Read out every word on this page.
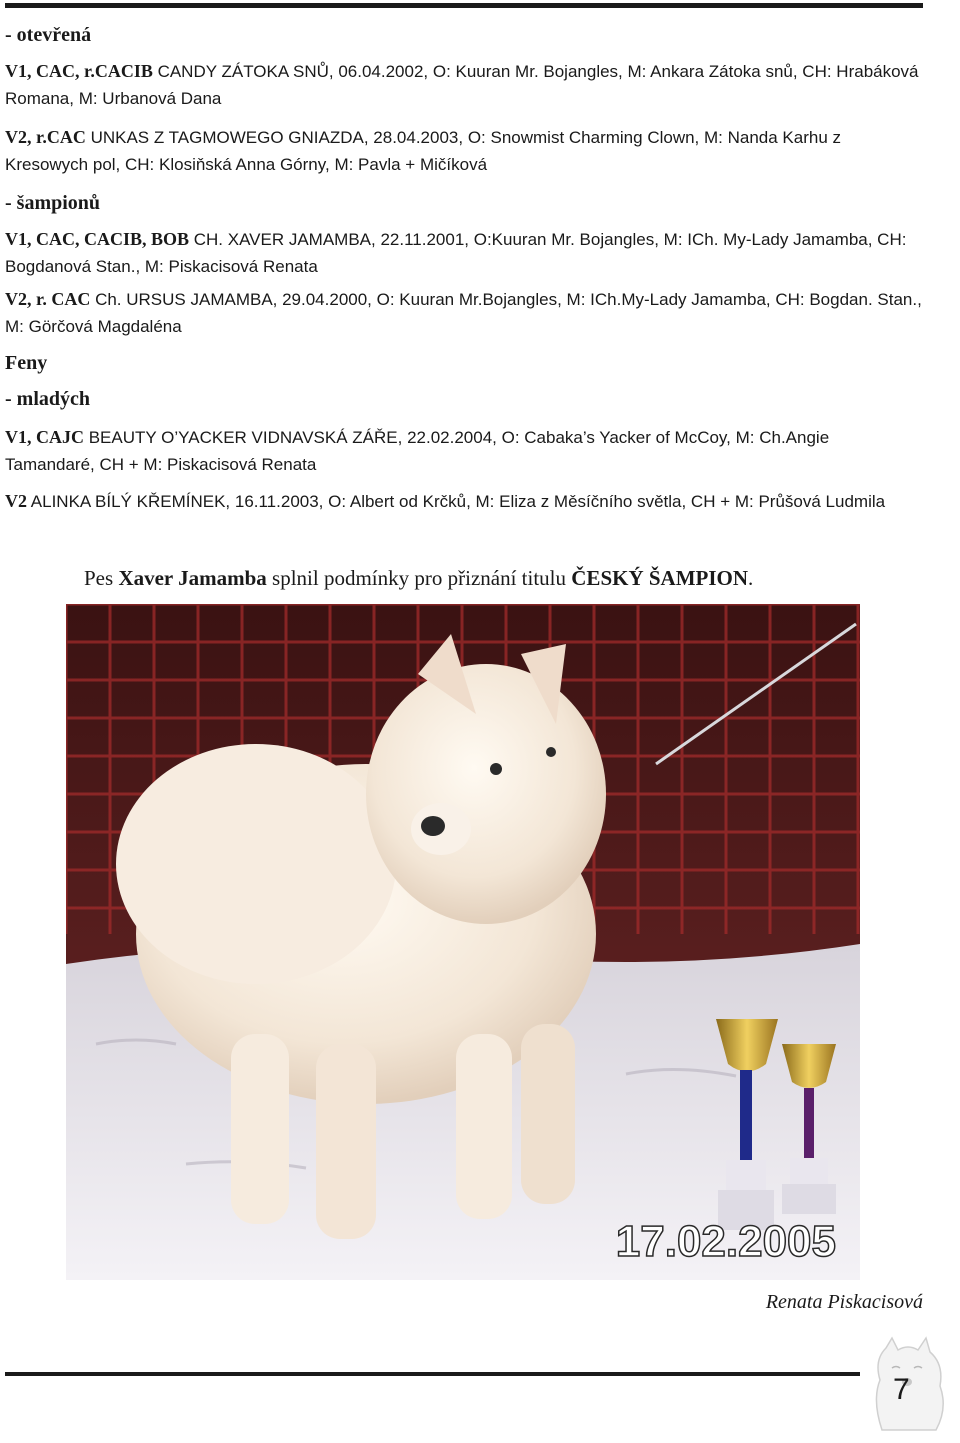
- otevřená

V1, CAC, r.CACIB CANDY ZÁTOKA SNŮ, 06.04.2002, O: Kuuran Mr. Bojangles, M: Ankara Zátoka snů, CH: Hrabáková Romana, M: Urbanová Dana

V2, r.CAC UNKAS Z TAGMOWEGO GNIAZDA, 28.04.2003, O: Snowmist Charming Clown, M: Nanda Karhu z Kresowych pol, CH: Klosiňská Anna Górny, M: Pavla + Mičíková

- šampionů

V1, CAC, CACIB, BOB CH. XAVER JAMAMBA, 22.11.2001, O:Kuuran Mr. Bojangles, M: ICh. My-Lady Jamamba, CH: Bogdanová Stan., M: Piskacisová Renata

V2, r. CAC Ch. URSUS JAMAMBA, 29.04.2000, O: Kuuran Mr.Bojangles, M: ICh.My-Lady Jamamba, CH: Bogdan. Stan., M: Görčová Magdaléna

Feny

- mladých

V1, CAJC BEAUTY O’YACKER VIDNAVSKÁ ZÁŘE, 22.02.2004, O: Cabaka’s Yacker of McCoy, M: Ch.Angie Tamandaré, CH + M: Piskacisová Renata

V2 ALINKA BÍLÝ KŘEMÍNEK, 16.11.2003, O: Albert od Krčků, M: Eliza z Měsíčního světla, CH + M: Průšová Ludmila

Pes Xaver Jamamba splnil podmínky pro přiznání titulu ČESKÝ ŠAMPION.
17.02.2005
Renata Piskacisová
7
